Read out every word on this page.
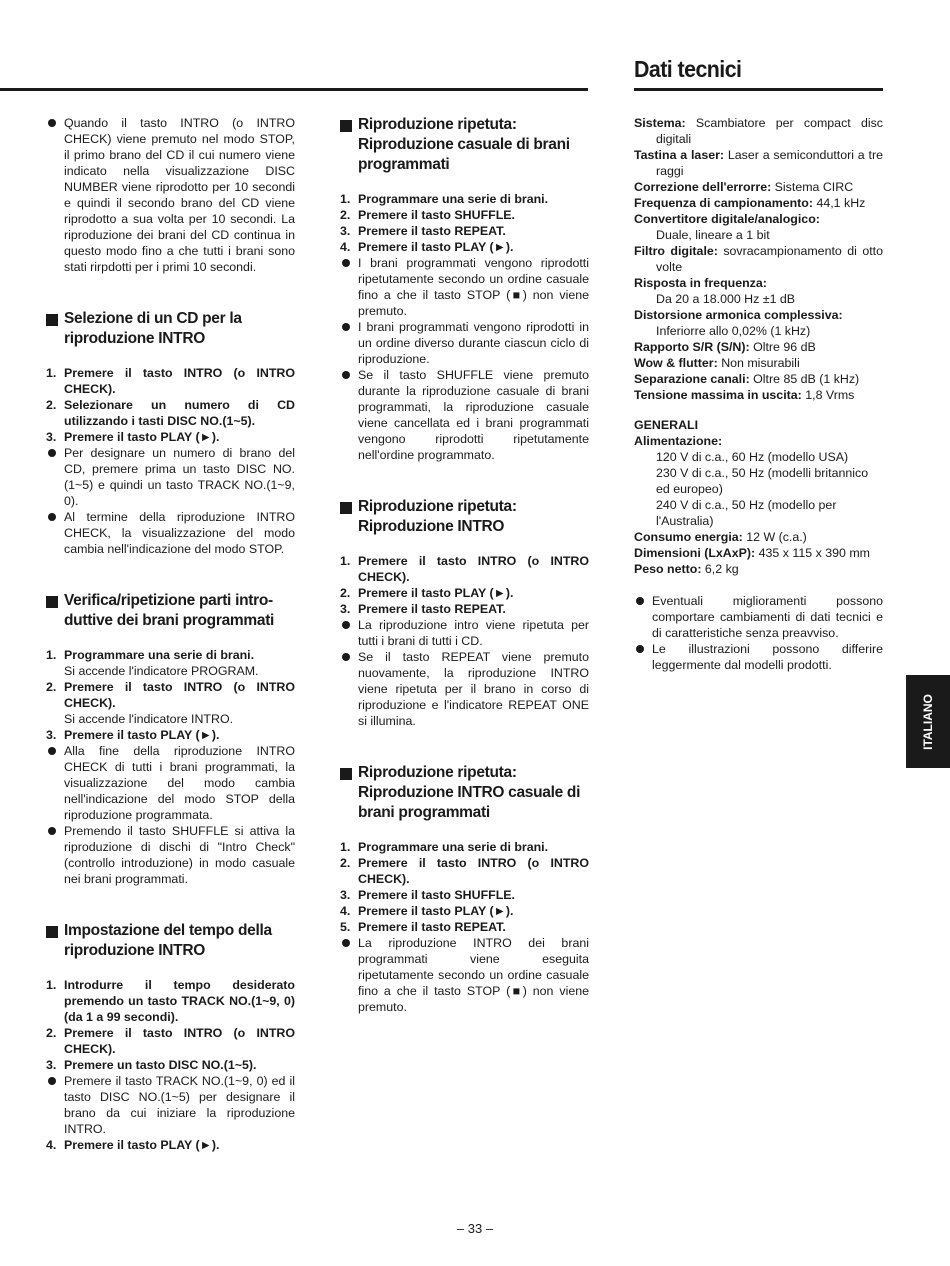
Dati tecnici

Quando il tasto INTRO (o INTRO CHECK) viene premuto nel modo STOP, il primo brano del CD il cui numero viene indicato nella visualizzazione DISC NUMBER viene riprodotto per 10 secondi e quindi il secondo brano del CD viene riprodotto a sua volta per 10 secondi. La riproduzione dei brani del CD continua in questo modo fino a che tutti i brani sono stati rirpdotti per i primi 10 secondi.

Selezione di un CD per la riproduzione INTRO

1. Premere il tasto INTRO (o INTRO CHECK).

2. Selezionare un numero di CD utilizzando i tasti DISC NO.(1~5).

3. Premere il tasto PLAY (►).

Per designare un numero di brano del CD, premere prima un tasto DISC NO.(1~5) e quindi un tasto TRACK NO.(1~9, 0).

Al termine della riproduzione INTRO CHECK, la visualizzazione del modo cambia nell'indicazione del modo STOP.

Verifica/ripetizione parti intro-duttive dei brani programmati

1. Programmare una serie di brani.

Si accende l'indicatore PROGRAM.

2. Premere il tasto INTRO (o INTRO CHECK).

Si accende l'indicatore INTRO.

3. Premere il tasto PLAY (►).

Alla fine della riproduzione INTRO CHECK di tutti i brani programmati, la visualizzazione del modo cambia nell'indicazione del modo STOP della riproduzione programmata.

Premendo il tasto SHUFFLE si attiva la riproduzione di dischi di "Intro Check" (controllo introduzione) in modo casuale nei brani programmati.

Impostazione del tempo della riproduzione INTRO

1. Introdurre il tempo desiderato premendo un tasto TRACK NO.(1~9, 0) (da 1 a 99 secondi).

2. Premere il tasto INTRO (o INTRO CHECK).

3. Premere un tasto DISC NO.(1~5).

Premere il tasto TRACK NO.(1~9, 0) ed il tasto DISC NO.(1~5) per designare il brano da cui iniziare la riproduzione INTRO.

4. Premere il tasto PLAY (►).

Riproduzione ripetuta: Riproduzione casuale di brani programmati

1. Programmare una serie di brani.

2. Premere il tasto SHUFFLE.

3. Premere il tasto REPEAT.

4. Premere il tasto PLAY (►).

I brani programmati vengono riprodotti ripetutamente secondo un ordine casuale fino a che il tasto STOP (■) non viene premuto.

I brani programmati vengono riprodotti in un ordine diverso durante ciascun ciclo di riproduzione.

Se il tasto SHUFFLE viene premuto durante la riproduzione casuale di brani programmati, la riproduzione casuale viene cancellata ed i brani programmati vengono riprodotti ripetutamente nell'ordine programmato.

Riproduzione ripetuta: Riproduzione INTRO

1. Premere il tasto INTRO (o INTRO CHECK).

2. Premere il tasto PLAY (►).

3. Premere il tasto REPEAT.

La riproduzione intro viene ripetuta per tutti i brani di tutti i CD.

Se il tasto REPEAT viene premuto nuovamente, la riproduzione INTRO viene ripetuta per il brano in corso di riproduzione e l'indicatore REPEAT ONE si illumina.

Riproduzione ripetuta: Riproduzione INTRO casuale di brani programmati

1. Programmare una serie di brani.

2. Premere il tasto INTRO (o INTRO CHECK).

3. Premere il tasto SHUFFLE.

4. Premere il tasto PLAY (►).

5. Premere il tasto REPEAT.

La riproduzione INTRO dei brani programmati viene eseguita ripetutamente secondo un ordine casuale fino a che il tasto STOP (■) non viene premuto.

Sistema: Scambiatore per compact disc digitali

Tastina a laser: Laser a semiconduttori a tre raggi

Correzione dell'errorre: Sistema CIRC

Frequenza di campionamento: 44,1 kHz

Convertitore digitale/analogico:

Duale, lineare a 1 bit

Filtro digitale: sovracampionamento di otto volte

Risposta in frequenza:

Da 20 a 18.000 Hz ±1 dB

Distorsione armonica complessiva:

Inferiorre allo 0,02% (1 kHz)

Rapporto S/R (S/N): Oltre 96 dB

Wow & flutter: Non misurabili

Separazione canali: Oltre 85 dB (1 kHz)

Tensione massima in uscita: 1,8 Vrms

GENERALI

Alimentazione:

120 V di c.a., 60 Hz (modello USA)

230 V di c.a., 50 Hz (modelli britannico ed europeo)

240 V di c.a., 50 Hz (modello per l'Australia)

Consumo energia: 12 W (c.a.)

Dimensioni (LxAxP): 435 x 115 x 390 mm

Peso netto: 6,2 kg

Eventuali miglioramenti possono comportare cambiamenti di dati tecnici e di caratteristiche senza preavviso.

Le illustrazioni possono differire leggermente dal modelli prodotti.

ITALIANO
– 33 –
